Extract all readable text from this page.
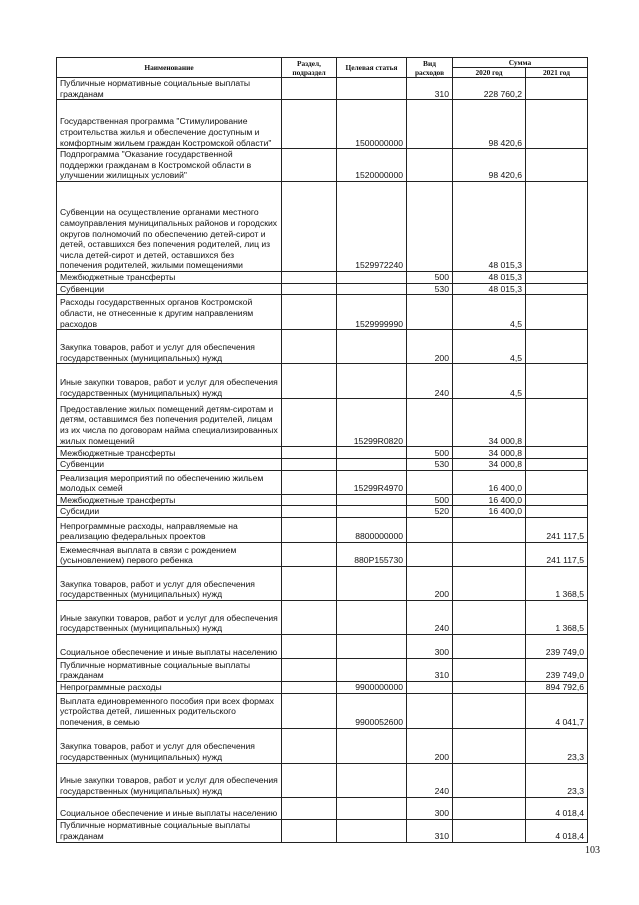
Наименование	Раздел, подраздел	Целевая статья	Вид расходов	Сумма	
				2020 год	2021 год
Публичные нормативные социальные выплаты гражданам			310	228 760,2	
Государственная программа "Стимулирование строительства жилья и обеспечение доступным и комфортным жильем граждан Костромской области"		1500000000		98 420,6	
Подпрограмма "Оказание государственной поддержки гражданам в Костромской области в улучшении жилищных условий"		1520000000		98 420,6	
Субвенции на осуществление органами местного самоуправления муниципальных районов и городских округов полномочий по обеспечению детей-сирот и детей, оставшихся без попечения родителей, лиц из числа детей-сирот и детей, оставшихся без попечения родителей, жилыми помещениями		1529972240		48 015,3	
Межбюджетные трансферты			500	48 015,3	
Субвенции			530	48 015,3	
Расходы государственных органов Костромской области, не отнесенные к другим направлениям расходов		1529999990		4,5	
Закупка товаров, работ и услуг для обеспечения государственных (муниципальных) нужд			200	4,5	
Иные закупки товаров, работ и услуг для обеспечения государственных (муниципальных) нужд			240	4,5	
Предоставление жилых помещений детям-сиротам и детям, оставшимся без попечения родителей, лицам из их числа по договорам найма специализированных жилых помещений		15299R0820		34 000,8	
Межбюджетные трансферты			500	34 000,8	
Субвенции			530	34 000,8	
Реализация мероприятий по обеспечению жильем молодых семей		15299R4970		16 400,0	
Межбюджетные трансферты			500	16 400,0	
Субсидии			520	16 400,0	
Непрограммные расходы, направляемые на реализацию федеральных проектов		8800000000			241 117,5
Ежемесячная выплата в связи с рождением (усыновлением) первого ребенка		880P155730			241 117,5
Закупка товаров, работ и услуг для обеспечения государственных (муниципальных) нужд			200		1 368,5
Иные закупки товаров, работ и услуг для обеспечения государственных (муниципальных) нужд			240		1 368,5
Социальное обеспечение и иные выплаты населению			300		239 749,0
Публичные нормативные социальные выплаты гражданам			310		239 749,0
Непрограммные расходы		9900000000			894 792,6
Выплата единовременного пособия при всех формах устройства детей, лишенных родительского попечения, в семью		9900052600			4 041,7
Закупка товаров, работ и услуг для обеспечения государственных (муниципальных) нужд			200		23,3
Иные закупки товаров, работ и услуг для обеспечения государственных (муниципальных) нужд			240		23,3
Социальное обеспечение и иные выплаты населению			300		4 018,4
Публичные нормативные социальные выплаты гражданам			310		4 018,4
103
